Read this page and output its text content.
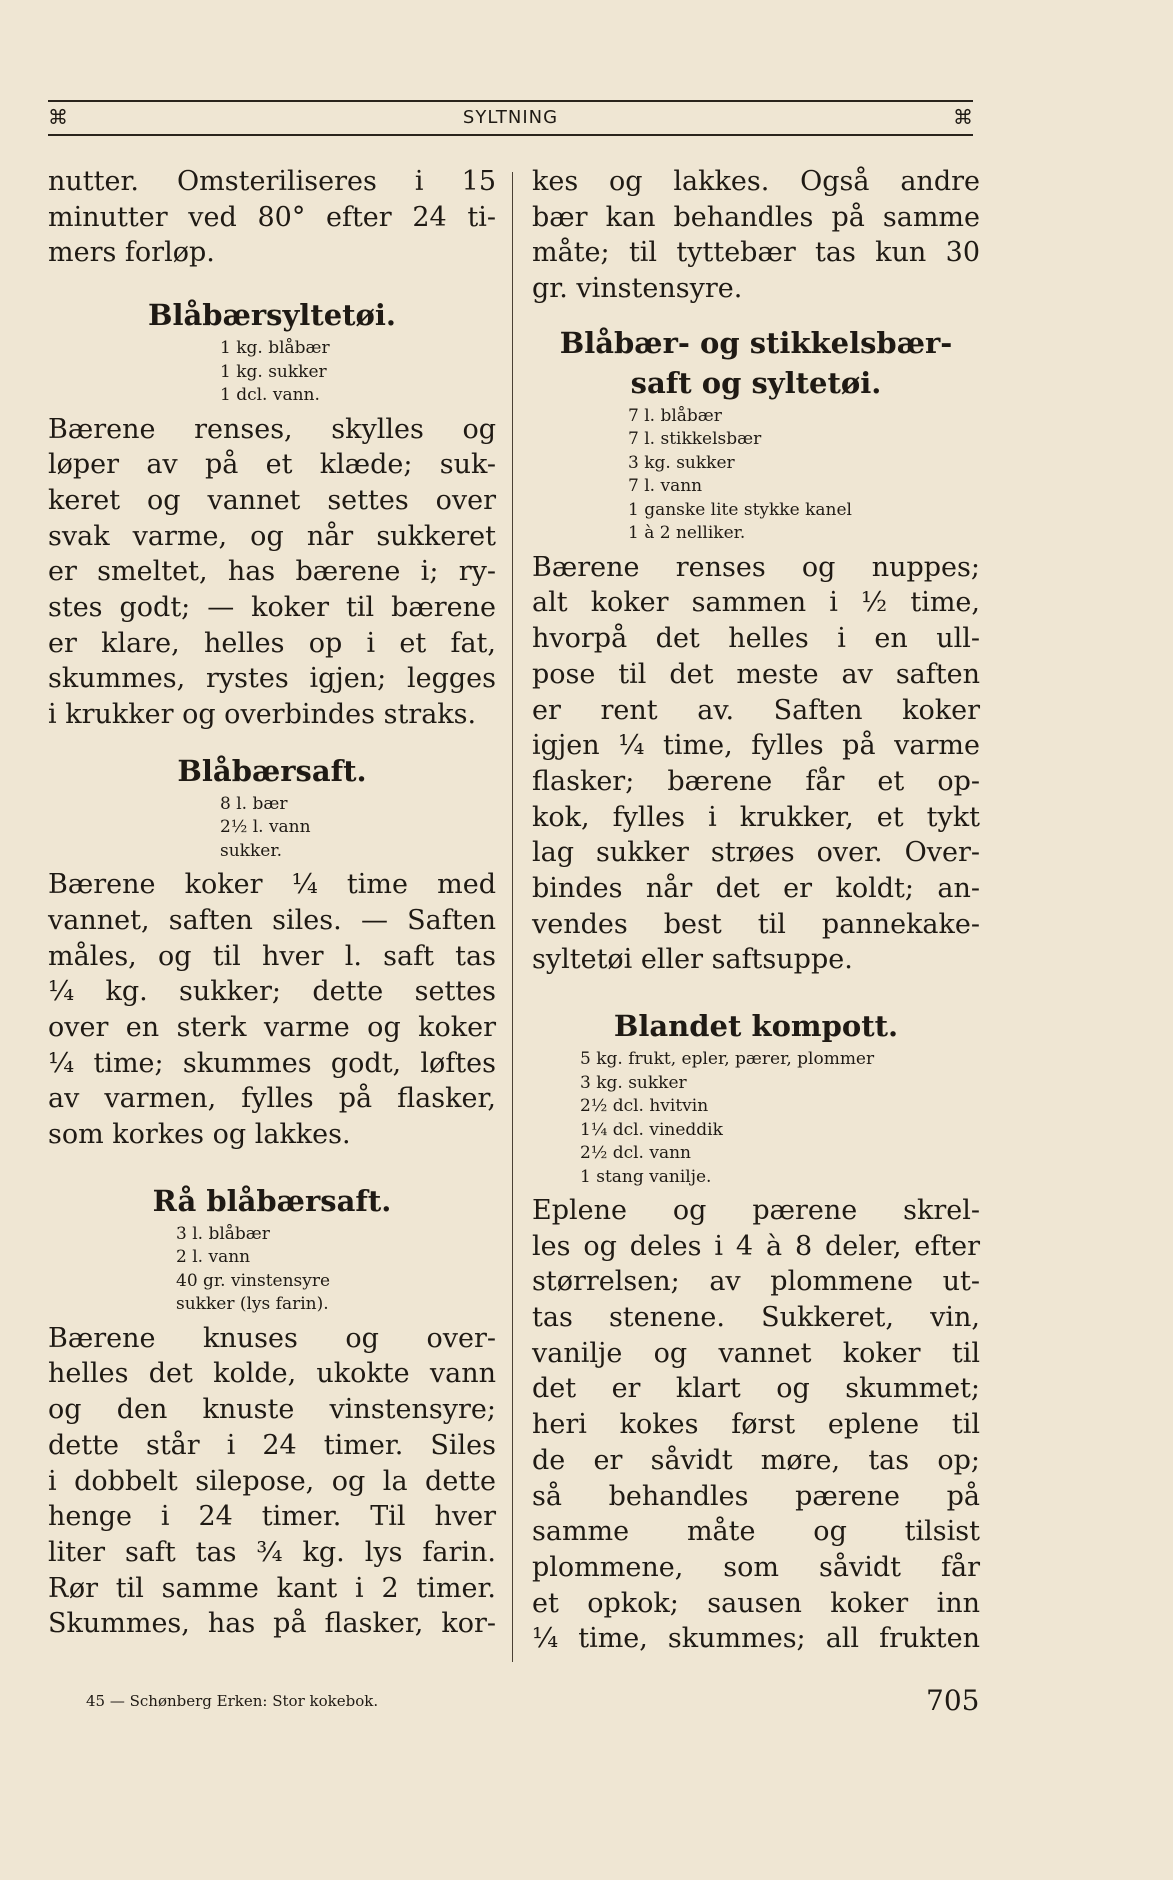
⌘	SYLTNING	⌘
nutter. Omsteriliseres i 15
minutter ved 80° efter 24 ti-
mers forløp.
Blåbærsyltetøi.
1 kg. blåbær
1 kg. sukker
1 dcl. vann.
Bærene renses, skylles og
løper av på et klæde; suk-
keret og vannet settes over
svak varme, og når sukkeret
er smeltet, has bærene i; ry-
stes godt; — koker til bærene
er klare, helles op i et fat,
skummes, rystes igjen; legges
i krukker og overbindes straks.
Blåbærsaft.
8 l. bær
2½ l. vann
sukker.
Bærene koker ¼ time med
vannet, saften siles. — Saften
måles, og til hver l. saft tas
¼ kg. sukker; dette settes
over en sterk varme og koker
¼ time; skummes godt, løftes
av varmen, fylles på flasker,
som korkes og lakkes.
Rå blåbærsaft.
3 l. blåbær
2 l. vann
40 gr. vinstensyre
sukker (lys farin).
Bærene knuses og over-
helles det kolde, ukokte vann
og den knuste vinstensyre;
dette står i 24 timer. Siles
i dobbelt silepose, og la dette
henge i 24 timer. Til hver
liter saft tas ¾ kg. lys farin.
Rør til samme kant i 2 timer.
Skummes, has på flasker, kor-
kes og lakkes. Også andre
bær kan behandles på samme
måte; til tyttebær tas kun 30
gr. vinstensyre.
Blåbær- og stikkelsbær-
saft og syltetøi.
7 l. blåbær
7 l. stikkelsbær
3 kg. sukker
7 l. vann
1 ganske lite stykke kanel
1 à 2 nelliker.
Bærene renses og nuppes;
alt koker sammen i ½ time,
hvorpå det helles i en ull-
pose til det meste av saften
er rent av. Saften koker
igjen ¼ time, fylles på varme
flasker; bærene får et op-
kok, fylles i krukker, et tykt
lag sukker strøes over. Over-
bindes når det er koldt; an-
vendes best til pannekake-
syltetøi eller saftsuppe.
Blandet kompott.
5 kg. frukt, epler, pærer, plommer
3 kg. sukker
2½ dcl. hvitvin
1¼ dcl. vineddik
2½ dcl. vann
1 stang vanilje.
Eplene og pærene skrel-
les og deles i 4 à 8 deler, efter
størrelsen; av plommene ut-
tas stenene. Sukkeret, vin,
vanilje og vannet koker til
det er klart og skummet;
heri kokes først eplene til
de er såvidt møre, tas op;
så behandles pærene på
samme måte og tilsist
plommene, som såvidt får
et opkok; sausen koker inn
¼ time, skummes; all frukten
45 — Schønberg Erken: Stor kokebok.	705
